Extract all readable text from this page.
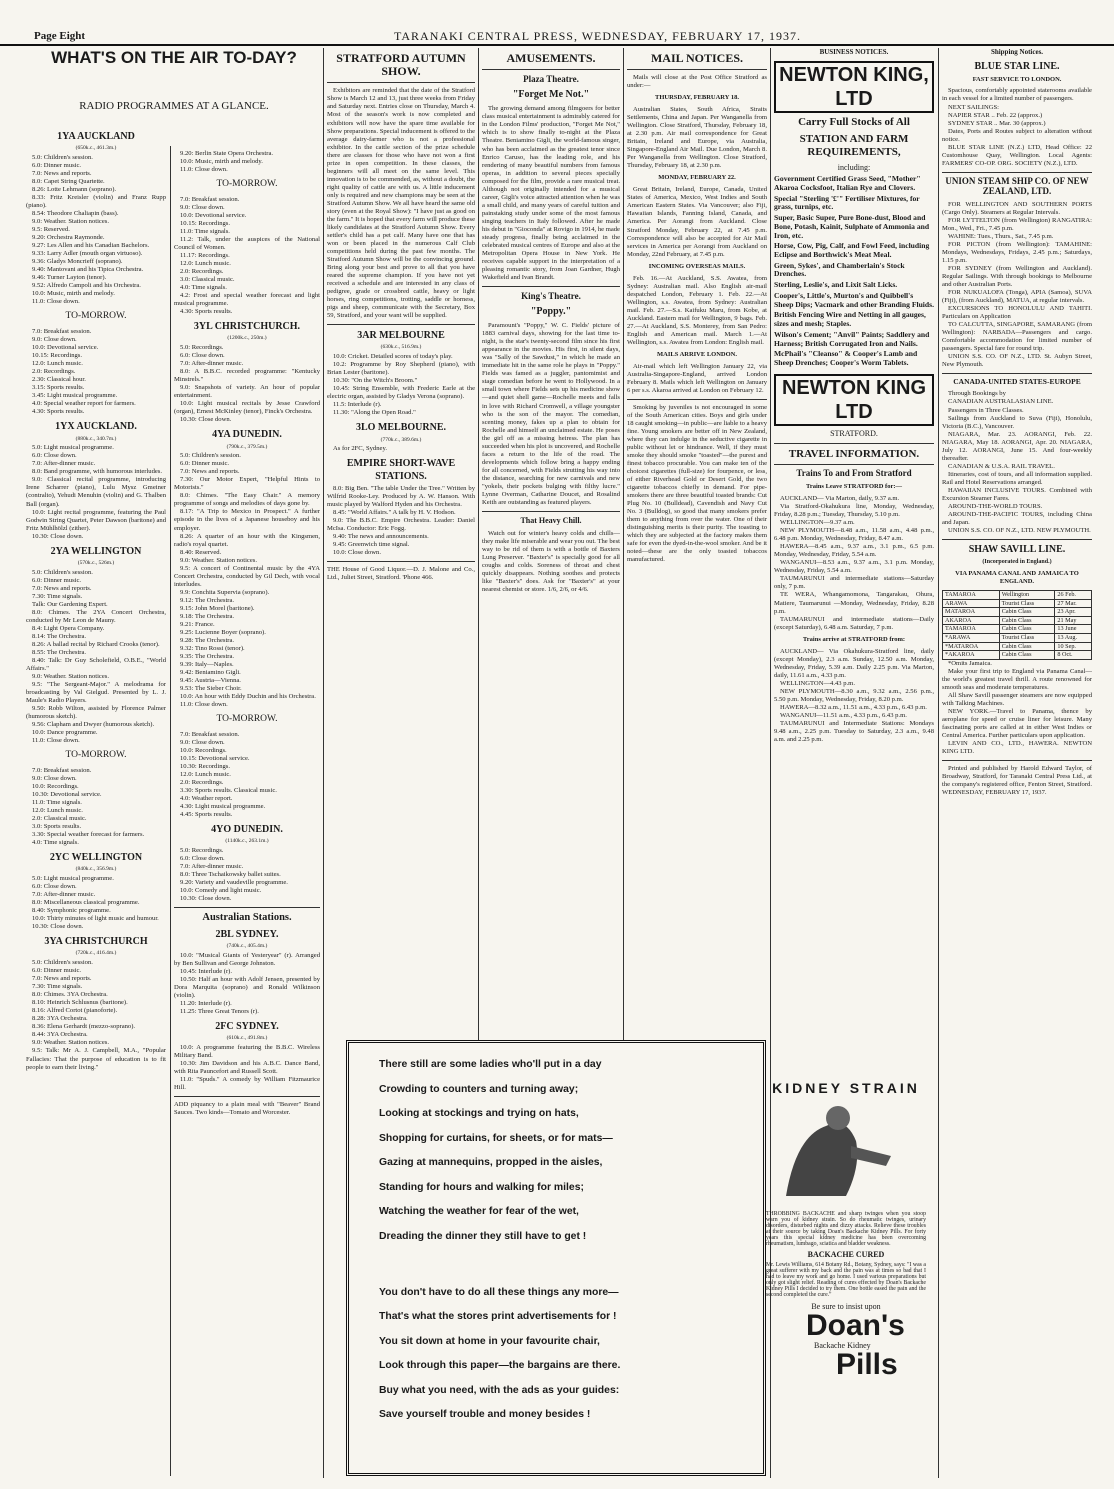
Page Eight	TARANAKI CENTRAL PRESS, WEDNESDAY, FEBRUARY 17, 1937.
WHAT'S ON THE AIR TO-DAY?
RADIO PROGRAMMES AT A GLANCE.
1YA AUCKLAND
(650k.c., 461.3m.)

5.0: Children's session.

6.0: Dinner music.

7.0: News and reports.

8.0: Capet String Quartette.

8.26: Lotte Lehmann (soprano).

8.33: Fritz Kreisler (violin) and Franz Rupp (piano).

8.54: Theodore Chaliapin (bass).

9.0: Weather. Station notices.

9.5: Reserved.

9.20: Orchestra Raymonde.

9.27: Les Allen and his Canadian Bachelors.

9.33: Larry Adler (mouth organ virtuoso).

9.36: Gladys Moncrieff (soprano).

9.40: Mantovani and his Tipica Orchestra.

9.46: Turner Layton (tenor).

9.52: Alfredo Campoli and his Orchestra.

10.0: Music, mirth and melody.

11.0: Close down.

TO-MORROW.

7.0: Breakfast session.

9.0: Close down.

10.0: Devotional service.

10.15: Recordings.

12.0: Lunch music.

2.0: Recordings.

2.30: Classical hour.

3.15: Sports results.

3.45: Light musical programme.

4.0: Special weather report for farmers.

4.30: Sports results.

1YX AUCKLAND.
(880k.c., 340.7m.)

5.0: Light musical programme.

6.0: Close down.

7.0: After-dinner music.

8.0: Band programme, with humorous interludes.

9.0: Classical recital programme, introducing Irene Scharrer (piano), Lulu Mysz Gmeiner (contralto), Yehudi Menuhin (violin) and G. Thalben Ball (organ).

10.0: Light recital programme, featuring the Paul Godwin String Quartet, Peter Dawson (baritone) and Fritz Mühlhölzl (zither).

10.30: Close down.

2YA WELLINGTON
(570k.c., 526m.)

5.0: Children's session.

6.0: Dinner music.

7.0: News and reports.

7.30: Time signals.

Talk: Our Gardening Expert.

8.0: Chimes. The 2YA Concert Orchestra, conducted by Mr Leon de Mauny.

8.4: Light Opera Company.

8.14: The Orchestra.

8.26: A ballad recital by Richard Crooks (tenor).

8.55: The Orchestra.

8.40: Talk: Dr Guy Scholefield, O.B.E., "World Affairs."

9.0: Weather. Station notices.

9.5: "The Sergeant-Major." A melodrama for broadcasting by Val Gielgud. Presented by L. J. Maule's Radio Players.

9.50: Robb Wilton, assisted by Florence Palmer (humorous sketch).

9.56: Clapham and Dwyer (humorous sketch).

10.0: Dance programme.

11.0: Close down.

TO-MORROW.

7.0: Breakfast session.

9.0: Close down.

10.0: Recordings.

10.30: Devotional service.

11.0: Time signals.

12.0: Lunch music.

2.0: Classical music.

3.0: Sports results.

3.30: Special weather forecast for farmers.

4.0: Time signals.

2YC WELLINGTON
(840k.c., 356.9m.)

5.0: Light musical programme.

6.0: Close down.

7.0: After-dinner music.

8.0: Miscellaneous classical programme.

8.40: Symphonic programme.

10.0: Thirty minutes of light music and humour.

10.30: Close down.

3YA CHRISTCHURCH
(720k.c., 416.4m.)

5.0: Children's session.

6.0: Dinner music.

7.0: News and reports.

7.30: Time signals.

8.0: Chimes. 3YA Orchestra.

8.10: Heinrich Schlusnus (baritone).

8.16: Alfred Cortot (pianoforte).

8.28: 3YA Orchestra.

8.36: Elena Gerhardt (mezzo-soprano).

8.44: 3YA Orchestra.

9.0: Weather. Station notices.

9.5: Talk: Mr A. J. Campbell, M.A., "Popular Fallacies: That the purpose of education is to fit people to earn their living."

9.20: Berlin State Opera Orchestra.

10.0: Music, mirth and melody.

11.0: Close down.

TO-MORROW.

7.0: Breakfast session.

9.0: Close down.

10.0: Devotional service.

10.15: Recordings.

11.0: Time signals.

11.2: Talk, under the auspices of the National Council of Women.

11.17: Recordings.

12.0: Lunch music.

2.0: Recordings.

3.0: Classical music.

4.0: Time signals.

4.2: Frost and special weather forecast and light musical programme.

4.30: Sports results.

3YL CHRISTCHURCH.
(1200k.c., 250m.)

5.0: Recordings.

6.0: Close down.

7.0: After-dinner music.

8.0: A B.B.C. recorded programme: "Kentucky Minstrels."

9.0: Snapshots of variety. An hour of popular entertainment.

10.0: Light musical recitals by Jesse Crawford (organ), Ernest McKinley (tenor), Finck's Orchestra.

10.30: Close down.

4YA DUNEDIN.
(790k.c., 379.5m.)

5.0: Children's session.

6.0: Dinner music.

7.0: News and reports.

7.30: Our Motor Expert, "Helpful Hints to Motorists."

8.0: Chimes. "The Easy Chair." A memory programme of songs and melodies of days gone by.

8.17: "A Trip to Mexico in Prospect." A further episode in the lives of a Japanese houseboy and his employer.

8.26: A quarter of an hour with the Kingsmen, radio's royal quartet.

8.40: Reserved.

9.0: Weather. Station notices.

9.5: A concert of Continental music by the 4YA Concert Orchestra, conducted by Gil Dech, with vocal interludes.

9.9: Conchita Supervia (soprano).

9.12: The Orchestra.

9.15: John Morel (baritone).

9.18: The Orchestra.

9.21: France.

9.25: Lucienne Boyer (soprano).

9.28: The Orchestra.

9.32: Tino Rossi (tenor).

9.35: The Orchestra.

9.39: Italy—Naples.

9.42: Beniamino Gigli.

9.45: Austria—Vienna.

9.53: The Sieber Choir.

10.0: An hour with Eddy Duchin and his Orchestra.

11.0: Close down.

TO-MORROW.

7.0: Breakfast session.

9.0: Close down.

10.0: Recordings.

10.15: Devotional service.

10.30: Recordings.

12.0: Lunch music.

2.0: Recordings.

3.30: Sports results. Classical music.

4.0: Weather report.

4.30: Light musical programme.

4.45: Sports results.

4YO DUNEDIN.
(1140k.c., 263.1m.)

5.0: Recordings.

6.0: Close down.

7.0: After-dinner music.

8.0: Three Tschaikowsky ballet suites.

9.20: Variety and vaudeville programme.

10.0: Comedy and light music.

10.30: Close down.

Australian Stations.
2BL SYDNEY.
(740k.c., 405.4m.)

10.0: "Musical Giants of Yesteryear" (r). Arranged by Ben Sullivan and George Johnston.

10.45: Interlude (r).

10.50: Half an hour with Adolf Jensen, presented by Dora Marquita (soprano) and Ronald Wilkinson (violin).

11.20: Interlude (r).

11.25: Three Great Tenors (r).

2FC SYDNEY.
(610k.c., 491.8m.)

10.0: A programme featuring the B.B.C. Wireless Military Band.

10.30: Jim Davidson and his A.B.C. Dance Band, with Rita Pauncefort and Russell Scott.

11.0: "Spuds." A comedy by William Fitzmaurice Hill.

ADD piquancy to a plain meal with "Beaver" Brand Sauces. Two kinds—Tomato and Worcester.

STRATFORD AUTUMN SHOW.

Exhibitors are reminded that the date of the Stratford Show is March 12 and 13, just three weeks from Friday and Saturday next. Entries close on Thursday, March 4. Most of the season's work is now completed and exhibitors will now have the spare time available for Show preparations. Special inducement is offered to the average dairy-farmer who is not a professional exhibitor. In the cattle section of the prize schedule there are classes for those who have not won a first prize in open competition. In these classes, the beginners will all meet on the same level. This innovation is to be commended, as, without a doubt, the right quality of cattle are with us. A little inducement only is required and new champions may be seen at the Stratford Autumn Show. We all have heard the same old story (even at the Royal Show): "I have just as good on the farm." It is hoped that every farm will produce these likely candidates at the Stratford Autumn Show. Every settler's child has a pet calf. Many have one that has won or been placed in the numerous Calf Club competitions held during the past few months. The Stratford Autumn Show will be the convincing ground. Bring along your best and prove to all that you have reared the supreme champion. If you have not yet received a schedule and are interested in any class of pedigree, grade or crossbred cattle, heavy or light horses, ring competitions, trotting, saddle or horness, pigs and sheep, communicate with the Secretary, Box 59, Stratford, and your want will be supplied.

3AR MELBOURNE
(630k.c., 516.9m.)

10.0: Cricket. Detailed scores of today's play.

10.2: Programme by Roy Shepherd (piano), with Brian Lester (baritone).

10.30: "On the Witch's Broom."

10.45: String Ensemble, with Frederic Earle at the electric organ, assisted by Gladys Verona (soprano).

11.5: Interlude (r).

11.30: "Along the Open Road."

3LO MELBOURNE.
(770k.c., 389.6m.)

As for 2FC, Sydney.

EMPIRE SHORT-WAVE STATIONS.

8.0: Big Ben. "The table Under the Tree." Written by Wilfrid Rooke-Ley. Produced by A. W. Hanson. With music played by Walford Hyden and his Orchestra.

8.45: "World Affairs." A talk by H. V. Hodson.

9.0: The B.B.C. Empire Orchestra. Leader: Daniel McIsa. Conductor: Eric Fogg.

9.40: The news and announcements.

9.45: Greenwich time signal.

10.0: Close down.

THE House of Good Liquor.—D. J. Malone and Co., Ltd., Juliet Street, Stratford. 'Phone 466.

AMUSEMENTS.
Plaza Theatre.
"Forget Me Not."

The growing demand among filmgoers for better class musical entertainment is admirably catered for in the London Films' production, "Forget Me Not," which is to show finally to-night at the Plaza Theatre. Beniamino Gigli, the world-famous singer, who has been acclaimed as the greatest tenor since Enrico Caruso, has the leading role, and his rendering of many beautiful numbers from famous operas, in addition to several pieces specially composed for the film, provide a rare musical treat. Although not originally intended for a musical career, Gigli's voice attracted attention when he was a small child, and many years of careful tuition and painstaking study under some of the most famous singing teachers in Italy followed. After he made his debut in "Gioconda" at Rovigo in 1914, he made steady progress, finally being acclaimed in the celebrated musical centres of Europe and also at the Metropolitan Opera House in New York. He receives capable support in the interpretation of a pleasing romantic story, from Joan Gardner, Hugh Wakefield and Ivan Brandt.

King's Theatre.
"Poppy."

Paramount's "Poppy," W. C. Fields' picture of 1883 carnival days, showing for the last time to-night, is the star's twenty-second film since his first appearance in the movies. His first, in silent days, was "Sally of the Sawdust," in which he made an immediate hit in the same role he plays in "Poppy." Fields was famed as a juggler, pantomimist and stage comedian before he went to Hollywood. In a small town where Fields sets up his medicine show—and quiet shell game—Rochelle meets and falls in love with Richard Cromwell, a village youngster who is the son of the mayor. The comedian, scenting money, fakes up a plan to obtain for Rochelle and himself an unclaimed estate. He poses the girl off as a missing heiress. The plan has succeeded when his plot is uncovered, and Rochelle faces a return to the life of the road. The developments which follow bring a happy ending for all concerned, with Fields strutting his way into the distance, searching for new carnivals and new "yokels, their pockets bulging with filthy lucre." Lynne Overman, Catharine Doucet, and Rosalind Keith are outstanding as featured players.

That Heavy Chill.

Watch out for winter's heavy colds and chills—they make life miserable and wear you out. The best way to be rid of them is with a bottle of Baxters Lung Preserver. "Baxter's" is specially good for all coughs and colds. Soreness of throat and chest quickly disappears. Nothing soothes and protects like "Baxter's" does. Ask for "Baxter's" at your nearest chemist or store. 1/6, 2/6, or 4/6.

MAIL NOTICES.

Mails will close at the Post Office Stratford as under:—

THURSDAY, FEBRUARY 18.

Australian States, South Africa, Straits Settlements, China and Japan. Per Wanganella from Wellington. Close Stratford, Thursday, February 18, at 2.30 p.m. Air mail correspondence for Great Britain, Ireland and Europe, via Australia, Singapore-England Air Mail. Due London, March 8. Per Wanganella from Wellington. Close Stratford, Thursday, February 18, at 2.30 p.m.

MONDAY, FEBRUARY 22.

Great Britain, Ireland, Europe, Canada, United States of America, Mexico, West Indies and South American Eastern States. Via Vancouver; also Fiji, Hawaiian Islands, Fanning Island, Canada, and America. Per Aorangi from Auckland. Close Stratford Monday, February 22, at 7.45 p.m. Correspondence will also be accepted for Air Mail services in America per Aorangi from Auckland on Monday, 22nd February, at 7.45 p.m.

INCOMING OVERSEAS MAILS.

Feb. 16.—At Auckland, S.S. Awatea, from Sydney: Australian mail. Also English air-mail despatched London, February 1. Feb. 22.—At Wellington, s.s. Awatea, from Sydney: Australian mail. Feb. 27.—S.s. Kaifuku Maru, from Kobe, at Auckland. Eastern mail for Wellington, 9 bags. Feb. 27.—At Auckland, S.S. Monterey, from San Pedro: English and American mail. March 1.—At Wellington, s.s. Awatea from London: English mail.

MAILS ARRIVE LONDON.

Air-mail which left Wellington January 22, via Australia-Singapore-England, arrived London February 8. Mails which left Wellington on January 6 per s.s. Akaroa arrived at London on February 12.

Smoking by juveniles is not encouraged in some of the South American cities. Boys and girls under 18 caught smoking—in public—are liable to a heavy fine. Young smokers are better off in New Zealand, where they can indulge in the seductive cigarette in public without let or hindrance. Well, if they must smoke they should smoke "toasted"—the purest and finest tobacco procurable. You can make ten of the choicest cigarettes (full-size) for fourpence, or less, of either Riverhead Gold or Desert Gold, the two cigarette tobaccos chiefly in demand. For pipe-smokers there are three beautiful toasted brands: Cut Plug No. 10 (Bulldead), Cavendish and Navy Cut No. 3 (Bulldog), so good that many smokers prefer them to anything from over the water. One of their distinguishing merits is their purity. The toasting to which they are subjected at the factory makes them safe for even the dyed-in-the-wool smoker. And be it noted—these are the only toasted tobaccos manufactured.

BUSINESS NOTICES.
NEWTON KING, LTD
Carry Full Stocks of All
STATION AND FARM REQUIREMENTS,
including:

Government Certified Grass Seed, "Mother" Akaroa Cocksfoot, Italian Rye and Clovers.

Special "Sterling '£'" Fertiliser Mixtures, for grass, turnips, etc.

Super, Basic Super, Pure Bone-dust, Blood and Bone, Potash, Kainit, Sulphate of Ammonia and Iron, etc.

Horse, Cow, Pig, Calf, and Fowl Feed, including Eclipse and Borthwick's Meat Meal.

Green, Sykes', and Chamberlain's Stock Drenches.

Sterling, Leslie's, and Lixit Salt Licks.

Cooper's, Little's, Murton's and Quibbell's Sheep Dips; Vacmark and other Branding Fluids.

British Fencing Wire and Netting in all gauges, sizes and mesh; Staples.

Wilson's Cement; "Anvil" Paints; Saddlery and Harness; British Corrugated Iron and Nails.

McPhail's "Cleanso" & Cooper's Lamb and Sheep Drenches; Cooper's Worm Tablets.

NEWTON KING LTD
STRATFORD.
TRAVEL INFORMATION.
Trains To and From Stratford
Trains Leave STRATFORD for:—

AUCKLAND— Via Marton, daily, 9.37 a.m.

Via Stratford-Okahukura line, Monday, Wednesday, Friday, 8.28 p.m.; Tuesday, Thursday, 5.10 p.m.

WELLINGTON—9.37 a.m.

NEW PLYMOUTH—8.48 a.m., 11.58 a.m., 4.48 p.m., 6.48 p.m. Monday, Wednesday, Friday, 8.47 a.m.

HAWERA—8.45 a.m., 9.37 a.m., 3.1 p.m., 6.5 p.m. Monday, Wednesday, Friday, 5.54 a.m.

WANGANUI—8.53 a.m., 9.37 a.m., 3.1 p.m. Monday, Wednesday, Friday, 5.54 a.m.

TAUMARUNUI and intermediate stations—Saturday only, 7 p.m.

TE WERA, Whangamomona, Tangarakau, Ohura, Matiere, Taumarunui —Monday, Wednesday, Friday, 8.28 p.m.

TAUMARUNUI and intermediate stations—Daily (except Saturday), 6.48 a.m. Saturday, 7 p.m.

Trains arrive at STRATFORD from:

AUCKLAND— Via Okahukura-Stratford line, daily (except Monday), 2.3 a.m. Sunday, 12.50 a.m. Monday, Wednesday, Friday, 5.39 a.m. Daily 2.25 p.m. Via Marton, daily, 11.61 a.m., 4.33 p.m.

WELLINGTON—4.43 p.m.

NEW PLYMOUTH—8.30 a.m., 9.32 a.m., 2.56 p.m., 5.50 p.m. Monday, Wednesday, Friday, 8.20 p.m.

HAWERA—8.32 a.m., 11.51 a.m., 4.33 p.m., 6.43 p.m.

WANGANUI—11.51 a.m., 4.33 p.m., 6.43 p.m.

TAUMARUNUI and Intermediate Stations: Mondays 9.48 a.m., 2.25 p.m. Tuesday to Saturday, 2.3 a.m., 9.48 a.m. and 2.25 p.m.

Shipping Notices.
BLUE STAR LINE.
FAST SERVICE TO LONDON.

Spacious, comfortably appointed staterooms available in each vessel for a limited number of passengers.

NEXT SAILINGS:

NAPIER STAR .. Feb. 22 (approx.)

SYDNEY STAR .. Mar. 30 (approx.)

Dates, Ports and Routes subject to alteration without notice.

BLUE STAR LINE (N.Z.) LTD, Head Office: 22 Customhouse Quay, Wellington. Local Agents: FARMERS' CO-OP. ORG. SOCIETY (N.Z.), LTD.

UNION STEAM SHIP CO. OF NEW ZEALAND, LTD.

FOR WELLINGTON AND SOUTHERN PORTS (Cargo Only). Steamers at Regular Intervals.

FOR LYTTELTON (from Wellington) RANGATIRA: Mon., Wed., Fri., 7.45 p.m.

WAHINE: Tues., Thurs., Sat., 7.45 p.m.

FOR PICTON (from Wellington): TAMAHINE: Mondays, Wednesdays, Fridays, 2.45 p.m.; Saturdays, 1.15 p.m.

FOR SYDNEY (from Wellington and Auckland). Regular Sailings. With through bookings to Melbourne and other Australian Ports.

FOR NUKUALOFA (Tonga), APIA (Samoa), SUVA (Fiji), (from Auckland), MATUA, at regular intervals.

EXCURSIONS TO HONOLULU AND TAHITI. Particulars on Application

TO CALCUTTA, SINGAPORE, SAMARANG (from Wellington): NARBADA—Passengers and cargo. Comfortable accommodation for limited number of passengers. Special fare for round trip.

UNION S.S. CO. OF N.Z., LTD. St. Aubyn Street, New Plymouth.

CANADA-UNITED STATES-EUROPE

Through Bookings by

CANADIAN AUSTRALASIAN LINE.

Passengers in Three Classes.

Sailings from Auckland to Suva (Fiji), Honolulu, Victoria (B.C.), Vancouver.

NIAGARA, Mar. 23. AORANGI, Feb. 22. NIAGARA, May 18. AORANGI, Apr. 20. NIAGARA, July 12. AORANGI, June 15. And four-weekly thereafter.

CANADIAN & U.S.A. RAIL TRAVEL.

Itineraries, cost of tours, and all information supplied. Rail and Hotel Reservations arranged.

HAWAIIAN INCLUSIVE TOURS. Combined with Excursion Steamer Fares.

AROUND-THE-WORLD TOURS.

AROUND-THE-PACIFIC TOURS, including China and Japan.

UNION S.S. CO. OF N.Z., LTD. NEW PLYMOUTH.

SHAW SAVILL LINE.
(Incorporated in England.)
VIA PANAMA CANAL AND JAMAICA TO ENGLAND.
TAMAROA	Wellington	26 Feb.
ARAWA	Tourist Class	27 Mar.
MATAROA	Cabin Class	23 Apr.
AKAROA	Cabin Class	21 May
TAMAROA	Cabin Class	13 June
*ARAWA	Tourist Class	13 Aug.
*MATAROA	Cabin Class	10 Sep.
*AKAROA	Cabin Class	8 Oct.

*Omits Jamaica.

Make your first trip to England via Panama Canal—the world's greatest travel thrill. A route renowned for smooth seas and moderate temperatures.

All Shaw Savill passenger steamers are now equipped with Talking Machines.

NEW YORK.—Travel to Panama, thence by aeroplane for speed or cruise liner for leisure. Many fascinating ports are called at in either West Indies or Central America. Further particulars upon application.

LEVIN AND CO., LTD., HAWERA. NEWTON KING LTD.

Printed and published by Harold Edward Taylor, of Broadway, Stratford, for Taranaki Central Press Ltd., at the company's registered office, Fenton Street, Stratford. WEDNESDAY, FEBRUARY 17, 1937.

There still are some ladies who'll put in a day

Crowding to counters and turning away;

Looking at stockings and trying on hats,

Shopping for curtains, for sheets, or for mats—

Gazing at mannequins, propped in the aisles,

Standing for hours and walking for miles;

Watching the weather for fear of the wet,

Dreading the dinner they still have to get !

You don't have to do all these things any more—

That's what the stores print advertisements for !

You sit down at home in your favourite chair,

Look through this paper—the bargains are there.

Buy what you need, with the ads as your guides:

Save yourself trouble and money besides !

KIDNEY STRAIN

THROBBING BACKACHE and sharp twinges when you stoop warn you of kidney strain. So do rheumatic twinges, urinary disorders, disturbed nights and dizzy attacks. Relieve these troubles at their source by taking Doan's Backache Kidney Pills. For forty years this special kidney medicine has been overcoming rheumatism, lumbago, sciatica and bladder weakness.

BACKACHE CURED

Mr. Lewis Williams, 614 Botany Rd., Botany, Sydney, says: "I was a great sufferer with my back and the pain was at times so bad that I had to leave my work and go home. I used various preparations but only got slight relief. Reading of cures effected by Doan's Backache Kidney Pills I decided to try them. One bottle eased the pain and the second completed the cure."

Be sure to insist upon
Doan's
Backache Kidney
Pills
